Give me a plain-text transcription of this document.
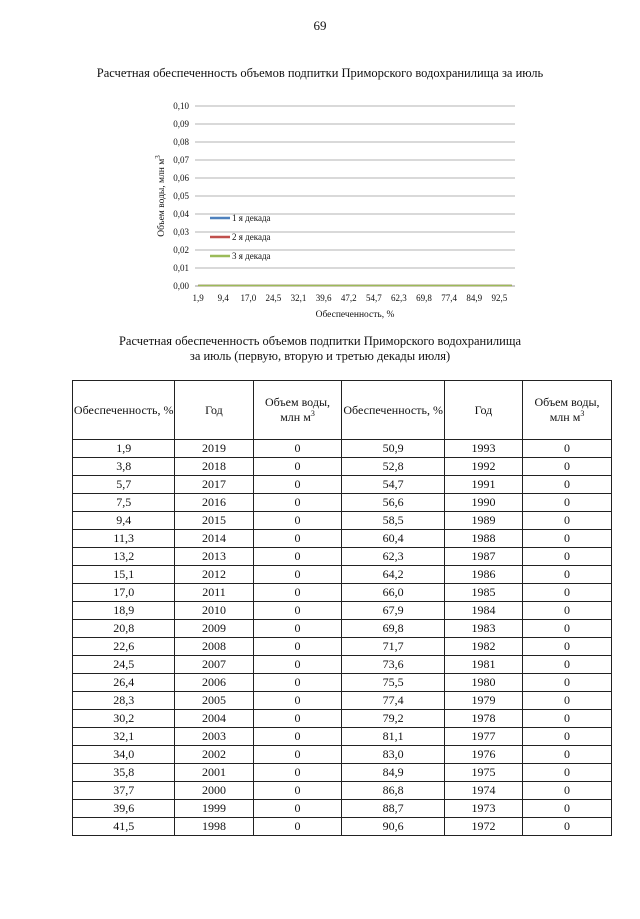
69
Расчетная обеспеченность объемов подпитки Приморского водохранилища за июль
0,00
0,01
0,02
0,03
0,04
0,05
0,06
0,07
0,08
0,09
0,10
1,9 9,4 17,0 24,5 32,1 39,6 47,2 54,7 62,3 69,8 77,4 84,9 92,5
Обеспеченность, %
Объем воды, млн $м^3$
1 я декада
2 я декада
3 я декада
Расчетная обеспеченность объемов подпитки Приморского водохранилища
за июль (первую, вторую и третью декады июля)
Обеспеченность, %	Год	Объем воды, млн $м^3$	Обеспеченность, %	Год	Объем воды, млн $м^3$
1,9	2019	0	50,9	1993	0
3,8	2018	0	52,8	1992	0
5,7	2017	0	54,7	1991	0
7,5	2016	0	56,6	1990	0
9,4	2015	0	58,5	1989	0
11,3	2014	0	60,4	1988	0
13,2	2013	0	62,3	1987	0
15,1	2012	0	64,2	1986	0
17,0	2011	0	66,0	1985	0
18,9	2010	0	67,9	1984	0
20,8	2009	0	69,8	1983	0
22,6	2008	0	71,7	1982	0
24,5	2007	0	73,6	1981	0
26,4	2006	0	75,5	1980	0
28,3	2005	0	77,4	1979	0
30,2	2004	0	79,2	1978	0
32,1	2003	0	81,1	1977	0
34,0	2002	0	83,0	1976	0
35,8	2001	0	84,9	1975	0
37,7	2000	0	86,8	1974	0
39,6	1999	0	88,7	1973	0
41,5	1998	0	90,6	1972	0
